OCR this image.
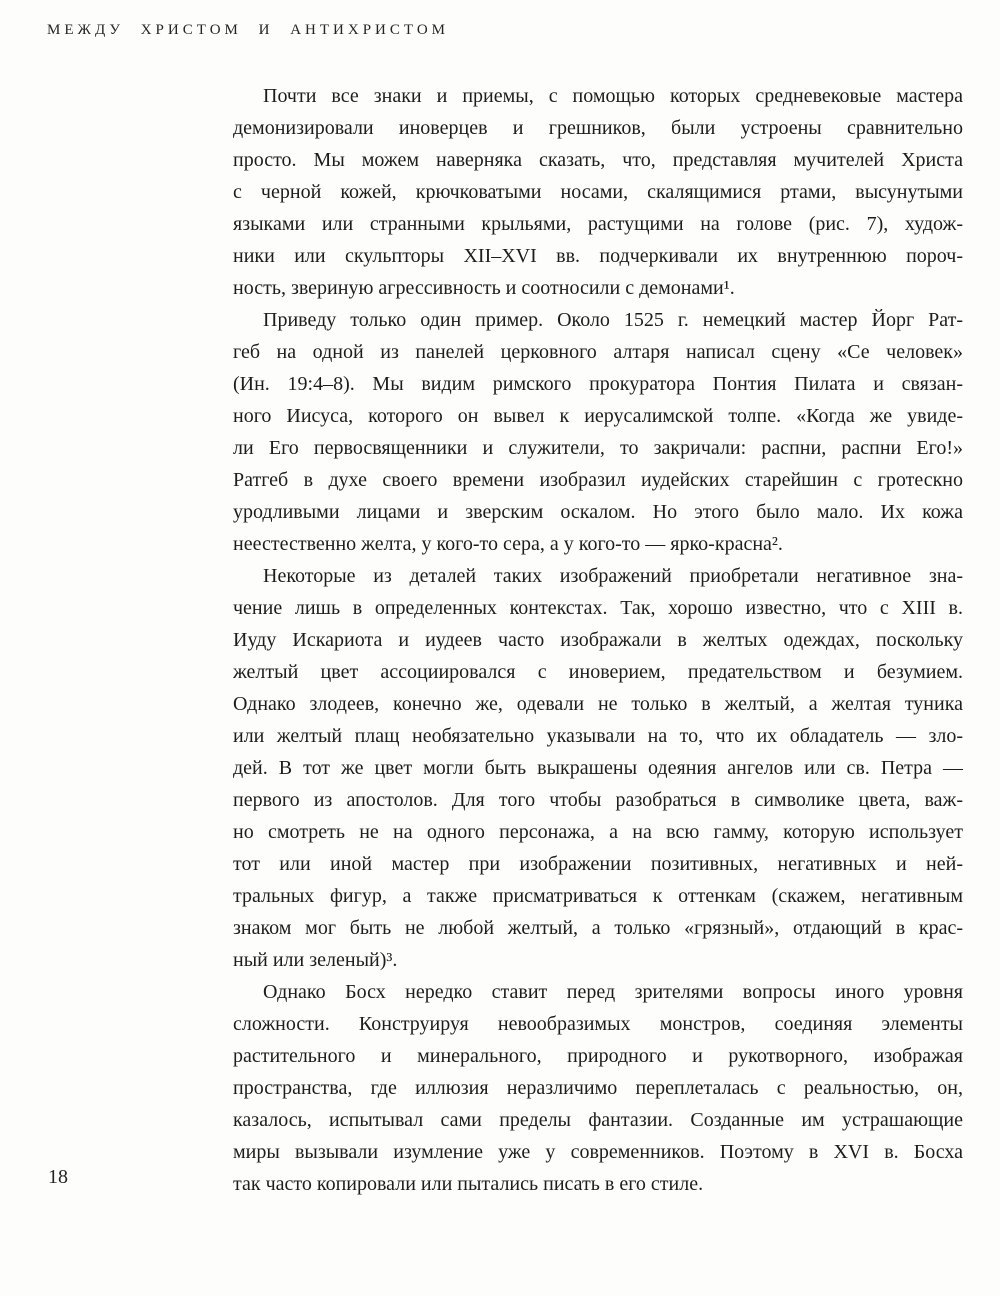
МЕЖДУ ХРИСТОМ И АНТИХРИСТОМ
Почти все знаки и приемы, с помощью которых средневековые мастера
демонизировали иноверцев и грешников, были устроены сравнительно
просто. Мы можем наверняка сказать, что, представляя мучителей Христа
с черной кожей, крючковатыми носами, скалящимися ртами, высунутыми
языками или странными крыльями, растущими на голове (рис. 7), худож-
ники или скульпторы XII–XVI вв. подчеркивали их внутреннюю пороч-
ность, звериную агрессивность и соотносили с демонами¹.
Приведу только один пример. Около 1525 г. немецкий мастер Йорг Рат-
геб на одной из панелей церковного алтаря написал сцену «Се человек»
(Ин. 19:4–8). Мы видим римского прокуратора Понтия Пилата и связан-
ного Иисуса, которого он вывел к иерусалимской толпе. «Когда же увиде-
ли Его первосвященники и служители, то закричали: распни, распни Его!»
Ратгеб в духе своего времени изобразил иудейских старейшин с гротескно
уродливыми лицами и зверским оскалом. Но этого было мало. Их кожа
неестественно желта, у кого-то сера, а у кого-то — ярко-красна².
Некоторые из деталей таких изображений приобретали негативное зна-
чение лишь в определенных контекстах. Так, хорошо известно, что с XIII в.
Иуду Искариота и иудеев часто изображали в желтых одеждах, поскольку
желтый цвет ассоциировался с иноверием, предательством и безумием.
Однако злодеев, конечно же, одевали не только в желтый, а желтая туника
или желтый плащ необязательно указывали на то, что их обладатель — зло-
дей. В тот же цвет могли быть выкрашены одеяния ангелов или св. Петра —
первого из апостолов. Для того чтобы разобраться в символике цвета, важ-
но смотреть не на одного персонажа, а на всю гамму, которую использует
тот или иной мастер при изображении позитивных, негативных и ней-
тральных фигур, а также присматриваться к оттенкам (скажем, негативным
знаком мог быть не любой желтый, а только «грязный», отдающий в крас-
ный или зеленый)³.
Однако Босх нередко ставит перед зрителями вопросы иного уровня
сложности. Конструируя невообразимых монстров, соединяя элементы
растительного и минерального, природного и рукотворного, изображая
пространства, где иллюзия неразличимо переплеталась с реальностью, он,
казалось, испытывал сами пределы фантазии. Созданные им устрашающие
миры вызывали изумление уже у современников. Поэтому в XVI в. Босха
так часто копировали или пытались писать в его стиле.
18
